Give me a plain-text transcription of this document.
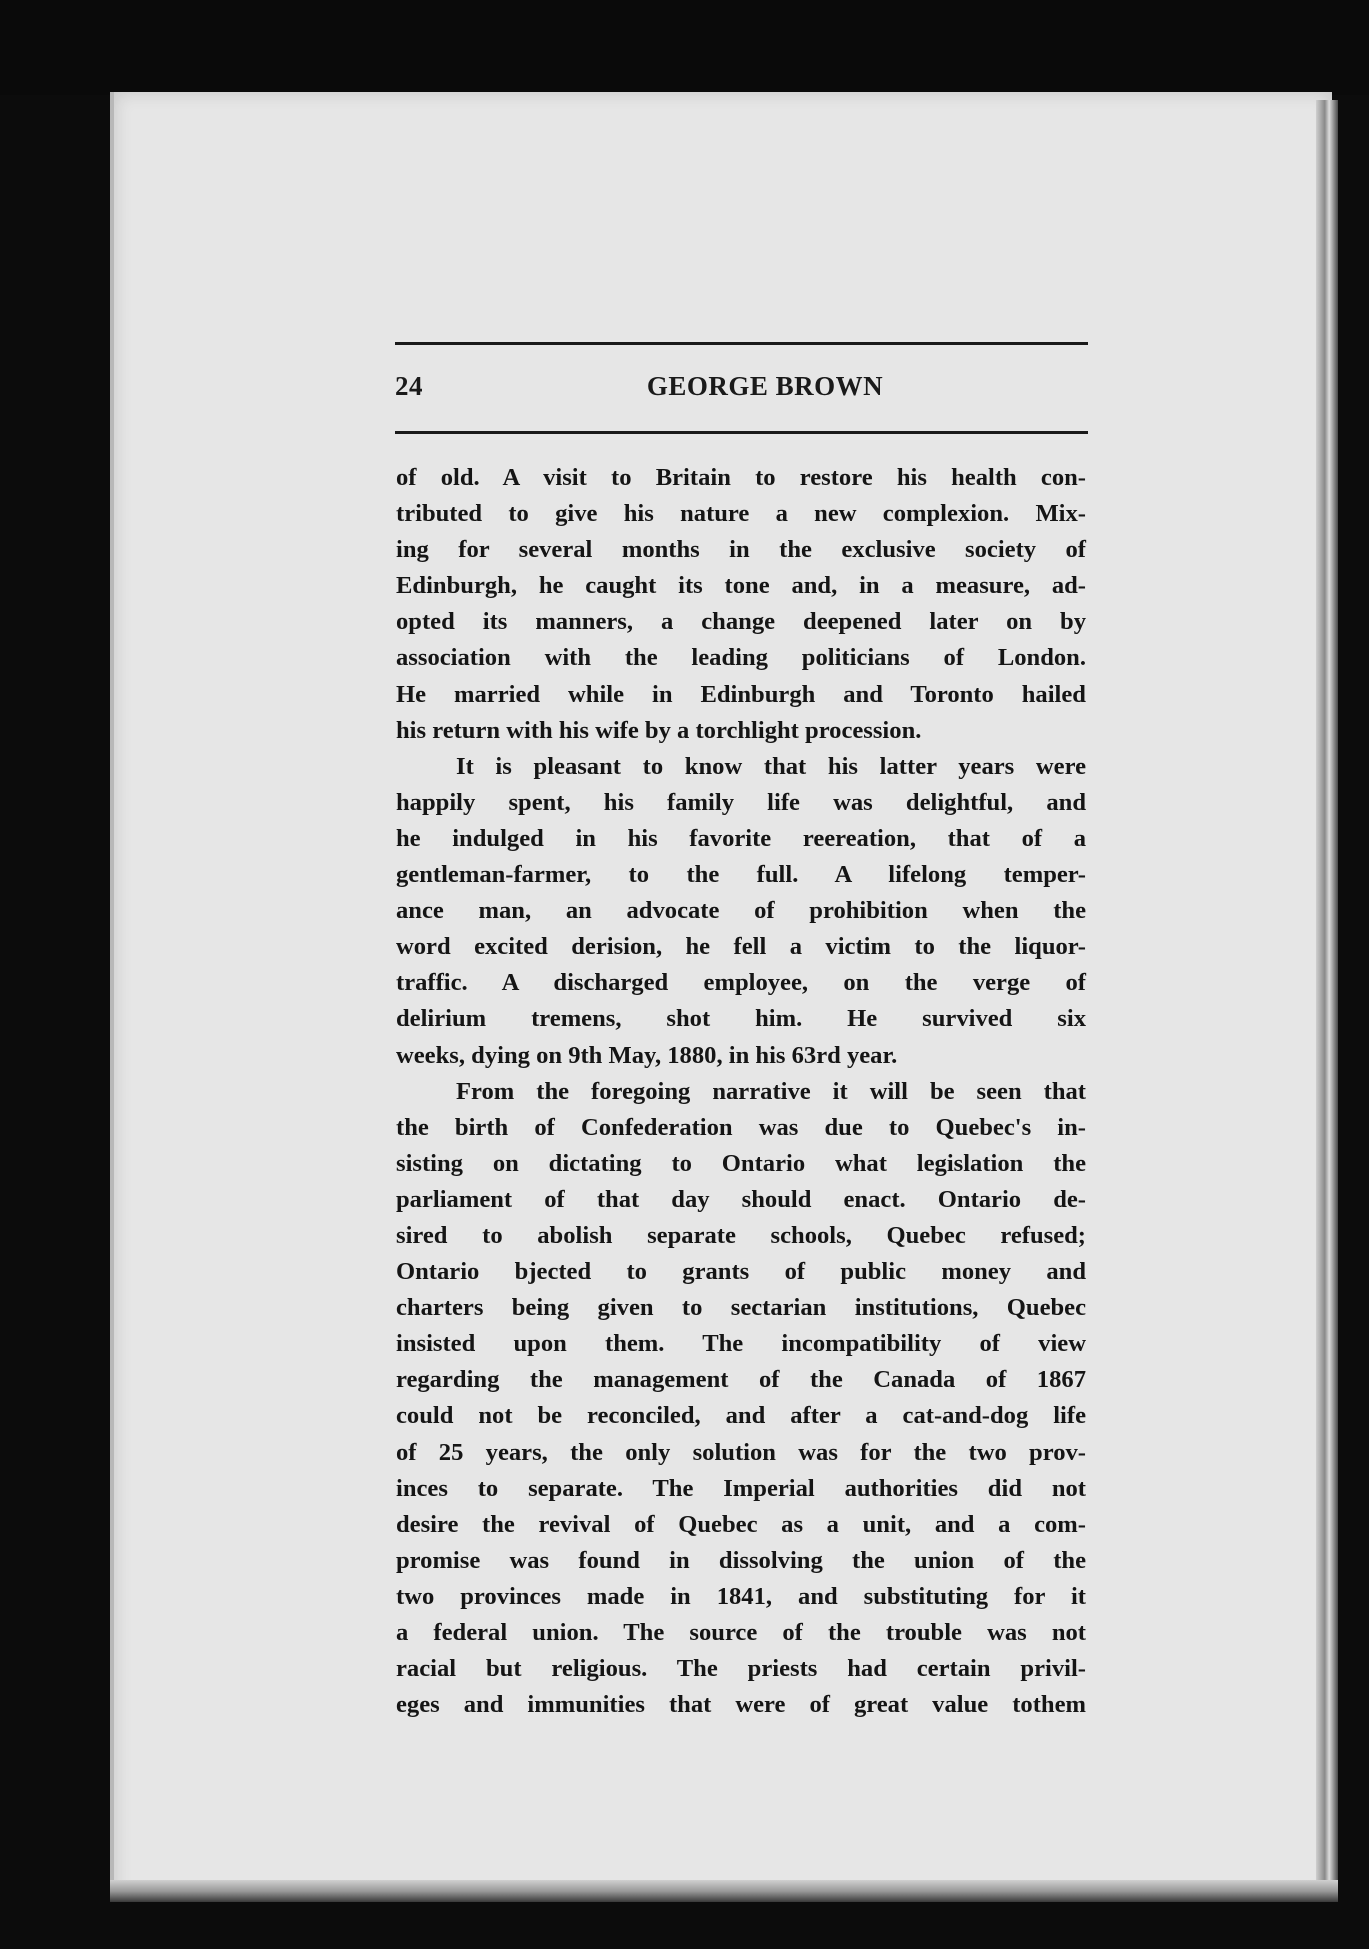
24	GEORGE BROWN
of old. A visit to Britain to restore his health con-
tributed to give his nature a new complexion. Mix-
ing for several months in the exclusive society of
Edinburgh, he caught its tone and, in a measure, ad-
opted its manners, a change deepened later on by
association with the leading politicians of London.
He married while in Edinburgh and Toronto hailed
his return with his wife by a torchlight procession.
It is pleasant to know that his latter years were
happily spent, his family life was delightful, and
he indulged in his favorite reereation, that of a
gentleman-farmer, to the full. A lifelong temper-
ance man, an advocate of prohibition when the
word excited derision, he fell a victim to the liquor-
traffic. A discharged employee, on the verge of
delirium tremens, shot him. He survived six
weeks, dying on 9th May, 1880, in his 63rd year.
From the foregoing narrative it will be seen that
the birth of Confederation was due to Quebec's in-
sisting on dictating to Ontario what legislation the
parliament of that day should enact. Ontario de-
sired to abolish separate schools, Quebec refused;
Ontario bjected to grants of public money and
charters being given to sectarian institutions, Quebec
insisted upon them. The incompatibility of view
regarding the management of the Canada of 1867
could not be reconciled, and after a cat-and-dog life
of 25 years, the only solution was for the two prov-
inces to separate. The Imperial authorities did not
desire the revival of Quebec as a unit, and a com-
promise was found in dissolving the union of the
two provinces made in 1841, and substituting for it
a federal union. The source of the trouble was not
racial but religious. The priests had certain privil-
eges and immunities that were of great value tothem
